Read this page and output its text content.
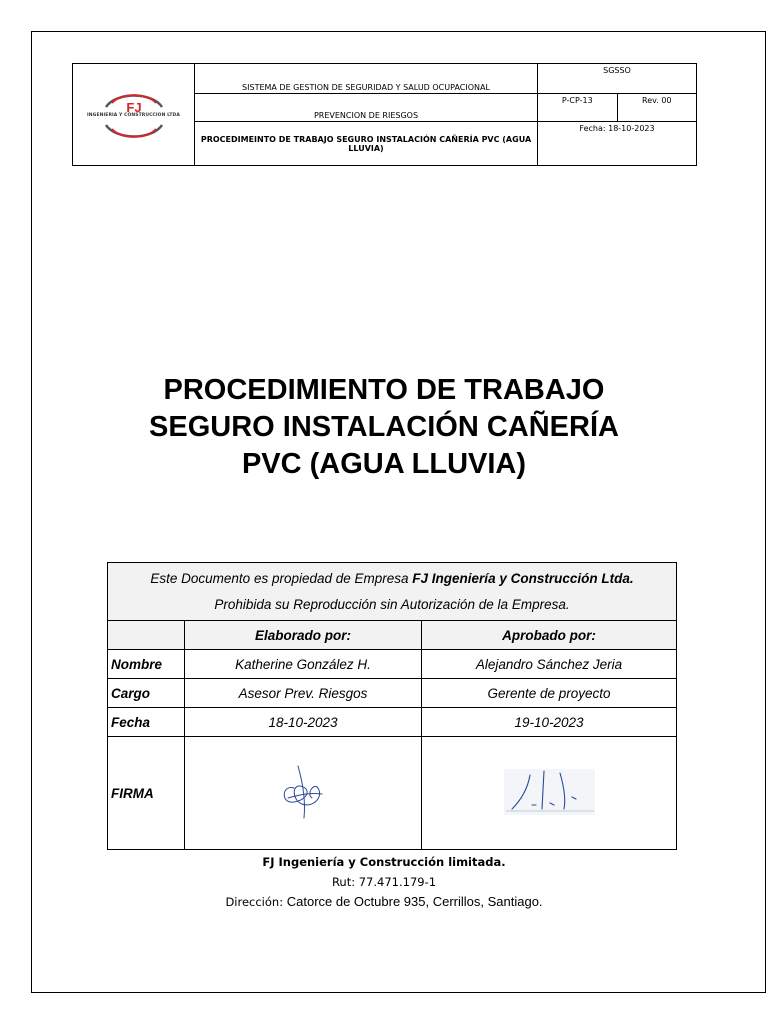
FJ
INGENIERIA Y CONSTRUCCION LTDA	SISTEMA DE GESTION DE SEGURIDAD Y SALUD OCUPACIONAL	SGSSO	
	PREVENCION DE RIESGOS	P-CP-13	Rev. 00
	PROCEDIMEINTO DE TRABAJO SEGURO INSTALACIÓN CAÑERÍA PVC (AGUA LLUVIA)	Fecha: 18-10-2023	
PROCEDIMIENTO DE TRABAJO
SEGURO INSTALACIÓN CAÑERÍA
PVC (AGUA LLUVIA)
Este Documento es propiedad de Empresa FJ Ingeniería y Construcción Ltda.
Prohibida su Reproducción sin Autorización de la Empresa.		

	Elaborado por:	Aprobado por:
Nombre	Katherine González H.	Alejandro Sánchez Jeria
Cargo	Asesor Prev. Riesgos	Gerente de proyecto
Fecha	18-10-2023	19-10-2023
FIRMA	

FJ Ingeniería y Construcción limitada.
Rut: 77.471.179-1
Dirección: Catorce de Octubre 935, Cerrillos, Santiago.
